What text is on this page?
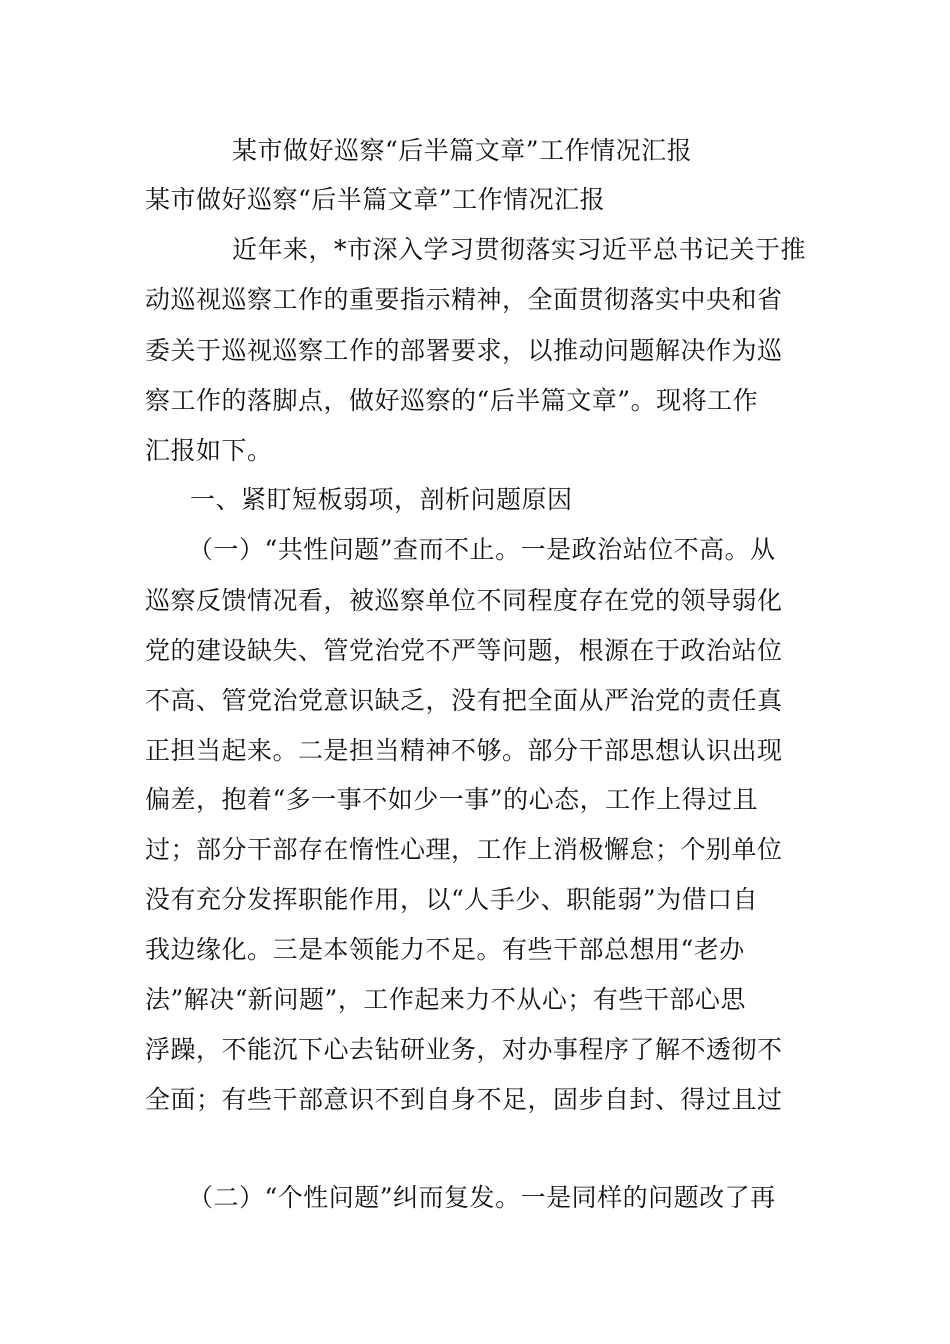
某市做好巡察“后半篇文章”工作情况汇报
某市做好巡察“后半篇文章”工作情况汇报
近年来，*市深入学习贯彻落实习近平总书记关于推
动巡视巡察工作的重要指示精神，全面贯彻落实中央和省
委关于巡视巡察工作的部署要求，以推动问题解决作为巡
察工作的落脚点，做好巡察的“后半篇文章”。现将工作
汇报如下。
一、紧盯短板弱项，剖析问题原因
（一）“共性问题”查而不止。一是政治站位不高。从
巡察反馈情况看，被巡察单位不同程度存在党的领导弱化
党的建设缺失、管党治党不严等问题，根源在于政治站位
不高、管党治党意识缺乏，没有把全面从严治党的责任真
正担当起来。二是担当精神不够。部分干部思想认识出现
偏差，抱着“多一事不如少一事”的心态，工作上得过且
过；部分干部存在惰性心理，工作上消极懈怠；个别单位
没有充分发挥职能作用，以“人手少、职能弱”为借口自
我边缘化。三是本领能力不足。有些干部总想用“老办
法”解决“新问题”，工作起来力不从心；有些干部心思
浮躁，不能沉下心去钻研业务，对办事程序了解不透彻不
全面；有些干部意识不到自身不足，固步自封、得过且过
（二）“个性问题”纠而复发。一是同样的问题改了再
